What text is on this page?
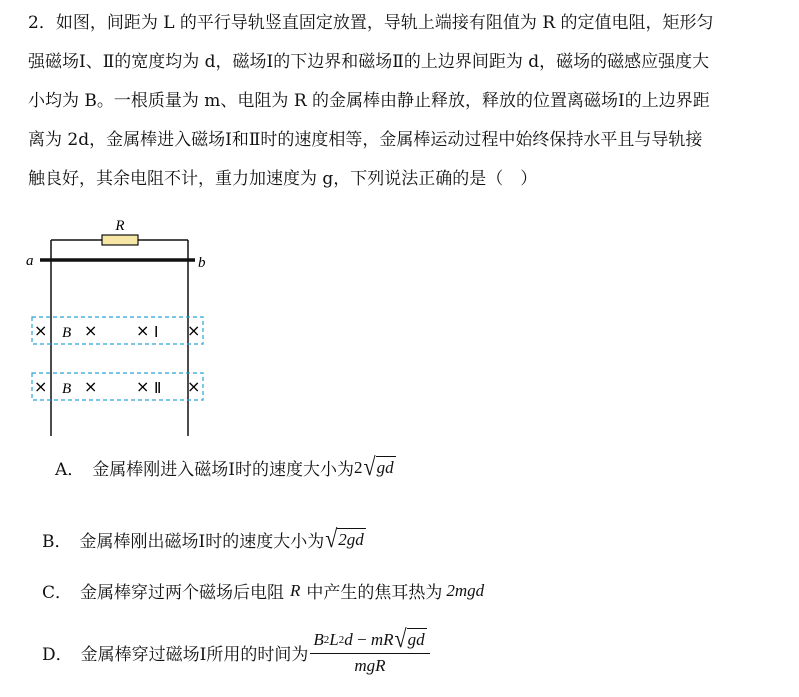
2．如图，间距为 L 的平行导轨竖直固定放置，导轨上端接有阻值为 R 的定值电阻，矩形匀

强磁场Ⅰ、Ⅱ的宽度均为 d，磁场Ⅰ的下边界和磁场Ⅱ的上边界间距为 d，磁场的磁感应强度大

小均为 B。一根质量为 m、电阻为 R 的金属棒由静止释放，释放的位置离磁场Ⅰ的上边界距

离为 2d，金属棒进入磁场Ⅰ和Ⅱ时的速度相等，金属棒运动过程中始终保持水平且与导轨接

触良好，其余电阻不计，重力加速度为 g，下列说法正确的是（　）

R
a	b
× B × × Ⅰ ×
× B × × Ⅱ ×
A． 金属棒刚进入磁场Ⅰ时的速度大小为 2 √ gd
B． 金属棒刚出磁场Ⅰ时的速度大小为 √ 2gd
C． 金属棒穿过两个磁场后电阻 R 中产生的焦耳热为 2mgd
D． 金属棒穿过磁场Ⅰ所用的时间为 $\frac{B 2 L 2 d - mR √ gd}{\text{mgR}}$
